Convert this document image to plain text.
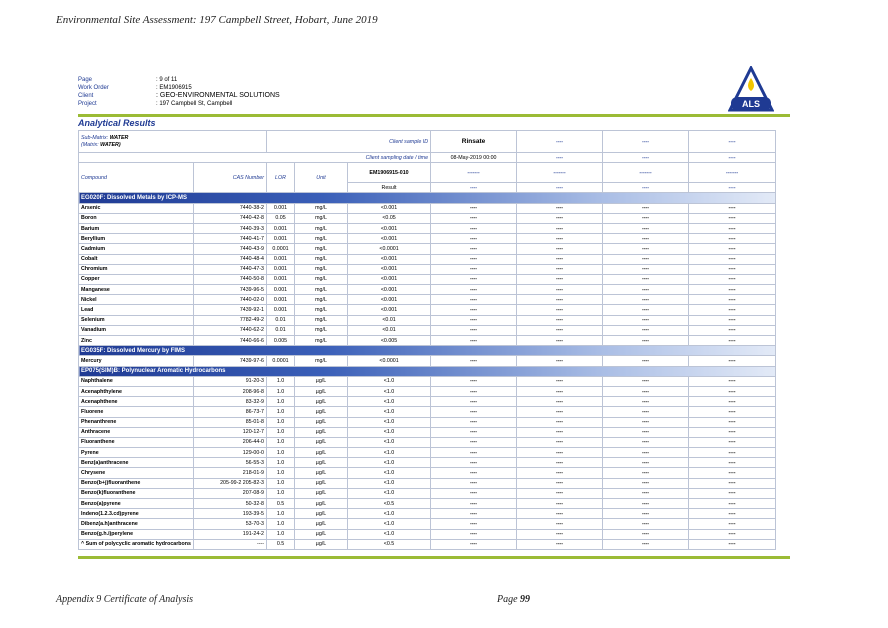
Environmental Site Assessment: 197 Campbell Street, Hobart, June 2019
Page	: 9 of 11
Work Order	: EM1906915
Client	: GEO-ENVIRONMENTAL SOLUTIONS
Project	: 197 Campbell St, Campbell	ALS
Analytical Results
Sub-Matrix: WATER
(Matrix: WATER)		Client sample ID			Rinsate	----	----	----	
Client sampling date / time					08-May-2019 00:00	----	----	----	
Compound	CAS Number	LOR	Unit	EM1906915-010	-------	-------	-------	-------	
				Result	----	----	----	----	
EG020F: Dissolved Metals by ICP-MS									
Arsenic	7440-38-2	0.001	mg/L	<0.001	----	----	----	----	
Boron	7440-42-8	0.05	mg/L	<0.05	----	----	----	----	
Barium	7440-39-3	0.001	mg/L	<0.001	----	----	----	----	
Beryllium	7440-41-7	0.001	mg/L	<0.001	----	----	----	----	
Cadmium	7440-43-9	0.0001	mg/L	<0.0001	----	----	----	----	
Cobalt	7440-48-4	0.001	mg/L	<0.001	----	----	----	----	
Chromium	7440-47-3	0.001	mg/L	<0.001	----	----	----	----	
Copper	7440-50-8	0.001	mg/L	<0.001	----	----	----	----	
Manganese	7439-96-5	0.001	mg/L	<0.001	----	----	----	----	
Nickel	7440-02-0	0.001	mg/L	<0.001	----	----	----	----	
Lead	7439-92-1	0.001	mg/L	<0.001	----	----	----	----	
Selenium	7782-49-2	0.01	mg/L	<0.01	----	----	----	----	
Vanadium	7440-62-2	0.01	mg/L	<0.01	----	----	----	----	
Zinc	7440-66-6	0.005	mg/L	<0.005	----	----	----	----	
EG035F: Dissolved Mercury by FIMS									
Mercury	7439-97-6	0.0001	mg/L	<0.0001	----	----	----	----	
EP075(SIM)B: Polynuclear Aromatic Hydrocarbons									
Naphthalene	91-20-3	1.0	µg/L	<1.0	----	----	----	----	
Acenaphthylene	208-96-8	1.0	µg/L	<1.0	----	----	----	----	
Acenaphthene	83-32-9	1.0	µg/L	<1.0	----	----	----	----	
Fluorene	86-73-7	1.0	µg/L	<1.0	----	----	----	----	
Phenanthrene	85-01-8	1.0	µg/L	<1.0	----	----	----	----	
Anthracene	120-12-7	1.0	µg/L	<1.0	----	----	----	----	
Fluoranthene	206-44-0	1.0	µg/L	<1.0	----	----	----	----	
Pyrene	129-00-0	1.0	µg/L	<1.0	----	----	----	----	
Benz(a)anthracene	56-55-3	1.0	µg/L	<1.0	----	----	----	----	
Chrysene	218-01-9	1.0	µg/L	<1.0	----	----	----	----	
Benzo(b+j)fluoranthene	205-99-2 205-82-3	1.0	µg/L	<1.0	----	----	----	----	
Benzo(k)fluoranthene	207-08-9	1.0	µg/L	<1.0	----	----	----	----	
Benzo(a)pyrene	50-32-8	0.5	µg/L	<0.5	----	----	----	----	
Indeno(1.2.3.cd)pyrene	193-39-5	1.0	µg/L	<1.0	----	----	----	----	
Dibenz(a.h)anthracene	53-70-3	1.0	µg/L	<1.0	----	----	----	----	
Benzo(g.h.i)perylene	191-24-2	1.0	µg/L	<1.0	----	----	----	----	
^ Sum of polycyclic aromatic hydrocarbons	----	0.5	µg/L	<0.5	----	----	----	----	
Appendix 9 Certificate of Analysis	Page 99
